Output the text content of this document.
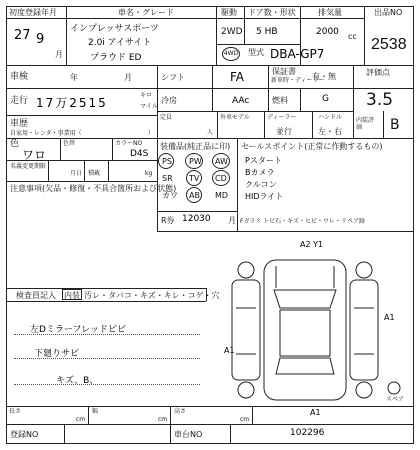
初度登録年月
27 9
月
車名・グレード
インプレッサスポーツ
2.0i アイサイト
プラウド ED
駆動
2WD
4WD
ドア数・形状
5 HB
型式 DBA-GP7
排気量
2000 cc
出品NO
2538
車検	年	月	シフト	FA	保証書
新車時・ディーラー
有・無	評価点
3.5
走行 17万2515
キロ
マイル
冷房	AAc	燃料	G
車歴
自家用・レンタ・事業用（	）
定員
人
外車モデル	ディーラー
並行
ハンドル
左・右
内装評価	B
色
ワロ
色替	カラーNO
D4S
名義変更期限
月日 積載	kg
注意事項(欠品・修復・不具合箇所および状態)
装備品(純正品に印)
PS PW AW
SR TV CD
カワ AB MD
R券 12030 月 Fガラス トビ石・キズ・ヒビ・ワレ・リペア跡
セールスポイント(正常に作動するもの)
Pスタート
Bカメラ
クルコン
HIDライト
検査員記入 内装 汚レ・タバコ・キズ・キレ・コゲ・穴
左Dミラーフレッドビビ
下廻りサビ
キズ、B、
A2 Y1
A1
A1
A1
スペア
長さ
cm
幅
cm
高さ
cm
登録NO	車台NO	102296
